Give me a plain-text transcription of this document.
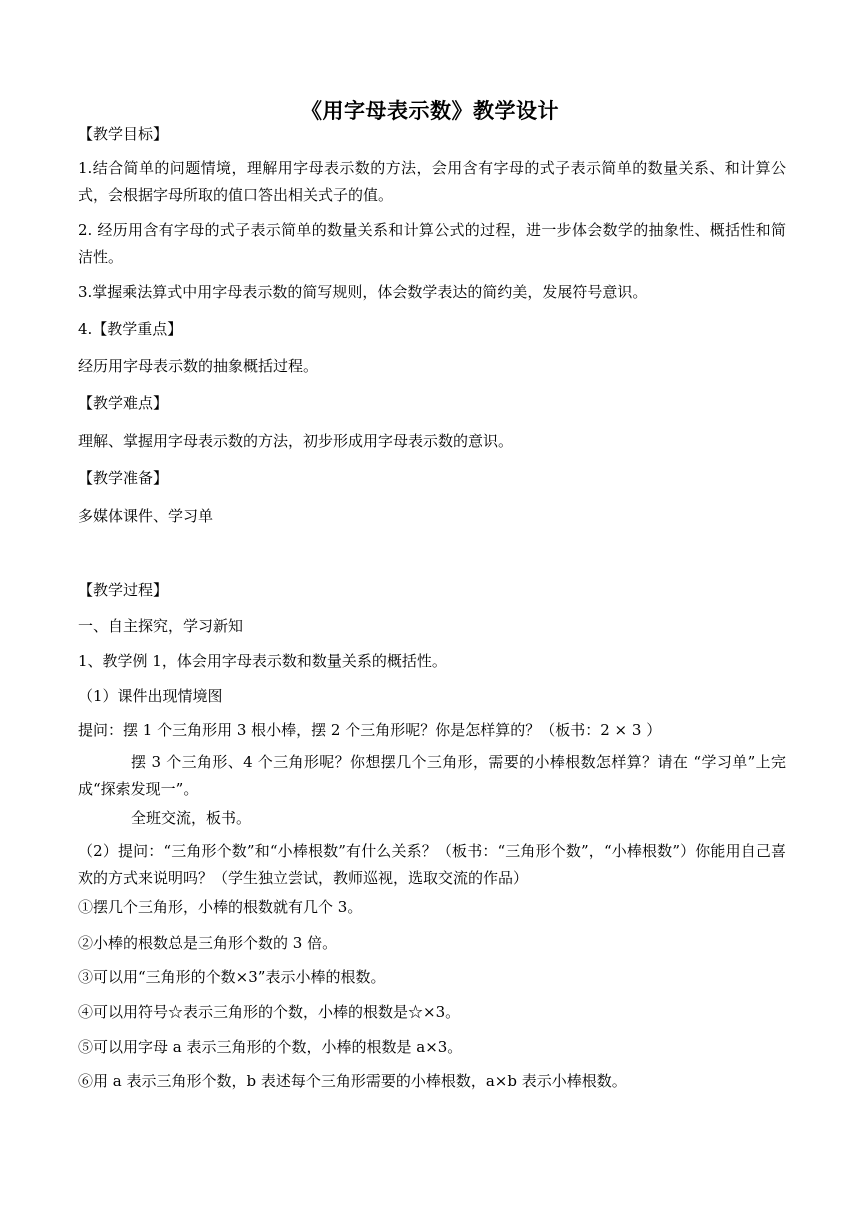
《用字母表示数》教学设计
【教学目标】
1.结合简单的问题情境，理解用字母表示数的方法，会用含有字母的式子表示简单的数量关系、和计算公式，会根据字母所取的值口答出相关式子的值。
2. 经历用含有字母的式子表示简单的数量关系和计算公式的过程，进一步体会数学的抽象性、概括性和简洁性。
3.掌握乘法算式中用字母表示数的简写规则，体会数学表达的简约美，发展符号意识。
4.【教学重点】
经历用字母表示数的抽象概括过程。
【教学难点】
理解、掌握用字母表示数的方法，初步形成用字母表示数的意识。
【教学准备】
多媒体课件、学习单
【教学过程】
一、自主探究，学习新知
1、教学例 1，体会用字母表示数和数量关系的概括性。
（1）课件出现情境图
提问：摆 1 个三角形用 3 根小棒，摆 2 个三角形呢？你是怎样算的？（板书：2 × 3 ）
摆 3 个三角形、4 个三角形呢？你想摆几个三角形，需要的小棒根数怎样算？请在 “学习单”上完成“探索发现一”。
全班交流，板书。
（2）提问：“三角形个数”和“小棒根数”有什么关系？（板书：“三角形个数”，“小棒根数”）你能用自己喜欢的方式来说明吗？（学生独立尝试，教师巡视，选取交流的作品）
①摆几个三角形，小棒的根数就有几个 3。
②小棒的根数总是三角形个数的 3 倍。
③可以用“三角形的个数×3”表示小棒的根数。
④可以用符号☆表示三角形的个数，小棒的根数是☆×3。
⑤可以用字母 a 表示三角形的个数，小棒的根数是 a×3。
⑥用 a 表示三角形个数，b 表述每个三角形需要的小棒根数，a×b 表示小棒根数。
